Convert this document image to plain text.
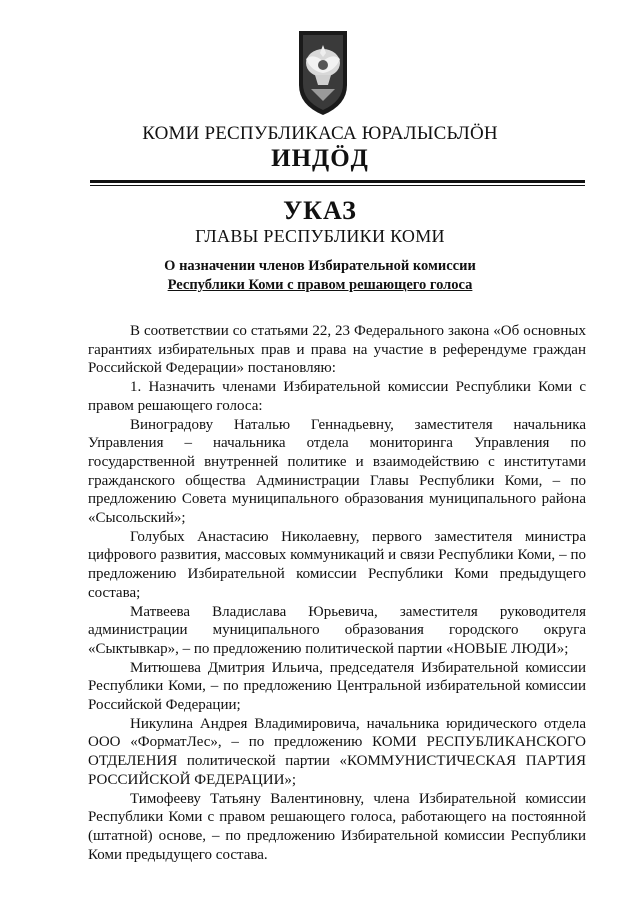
КОМИ РЕСПУБЛИКАСА ЮРАЛЫСЬЛÖН
ИНДÖД
УКАЗ
ГЛАВЫ РЕСПУБЛИКИ КОМИ
О назначении членов Избирательной комиссии
Республики Коми с правом решающего голоса

В соответствии со статьями 22, 23 Федерального закона «Об основных гарантиях избирательных прав и права на участие в референдуме граждан Российской Федерации» постановляю:

1. Назначить членами Избирательной комиссии Республики Коми с правом решающего голоса:

Виноградову Наталью Геннадьевну, заместителя начальника Управления – начальника отдела мониторинга Управления по государственной внутренней политике и взаимодействию с институтами гражданского общества Администрации Главы Республики Коми, – по предложению Совета муниципального образования муниципального района «Сысольский»;

Голубых Анастасию Николаевну, первого заместителя министра цифрового развития, массовых коммуникаций и связи Республики Коми, – по предложению Избирательной комиссии Республики Коми предыдущего состава;

Матвеева Владислава Юрьевича, заместителя руководителя администрации муниципального образования городского округа «Сыктывкар», – по предложению политической партии «НОВЫЕ ЛЮДИ»;

Митюшева Дмитрия Ильича, председателя Избирательной комиссии Республики Коми, – по предложению Центральной избирательной комиссии Российской Федерации;

Никулина Андрея Владимировича, начальника юридического отдела ООО «ФорматЛес», – по предложению КОМИ РЕСПУБЛИКАНСКОГО ОТДЕЛЕНИЯ политической партии «КОММУНИСТИЧЕСКАЯ ПАРТИЯ РОССИЙСКОЙ ФЕДЕРАЦИИ»;

Тимофееву Татьяну Валентиновну, члена Избирательной комиссии Республики Коми с правом решающего голоса, работающего на постоянной (штатной) основе, – по предложению Избирательной комиссии Республики Коми предыдущего состава.
